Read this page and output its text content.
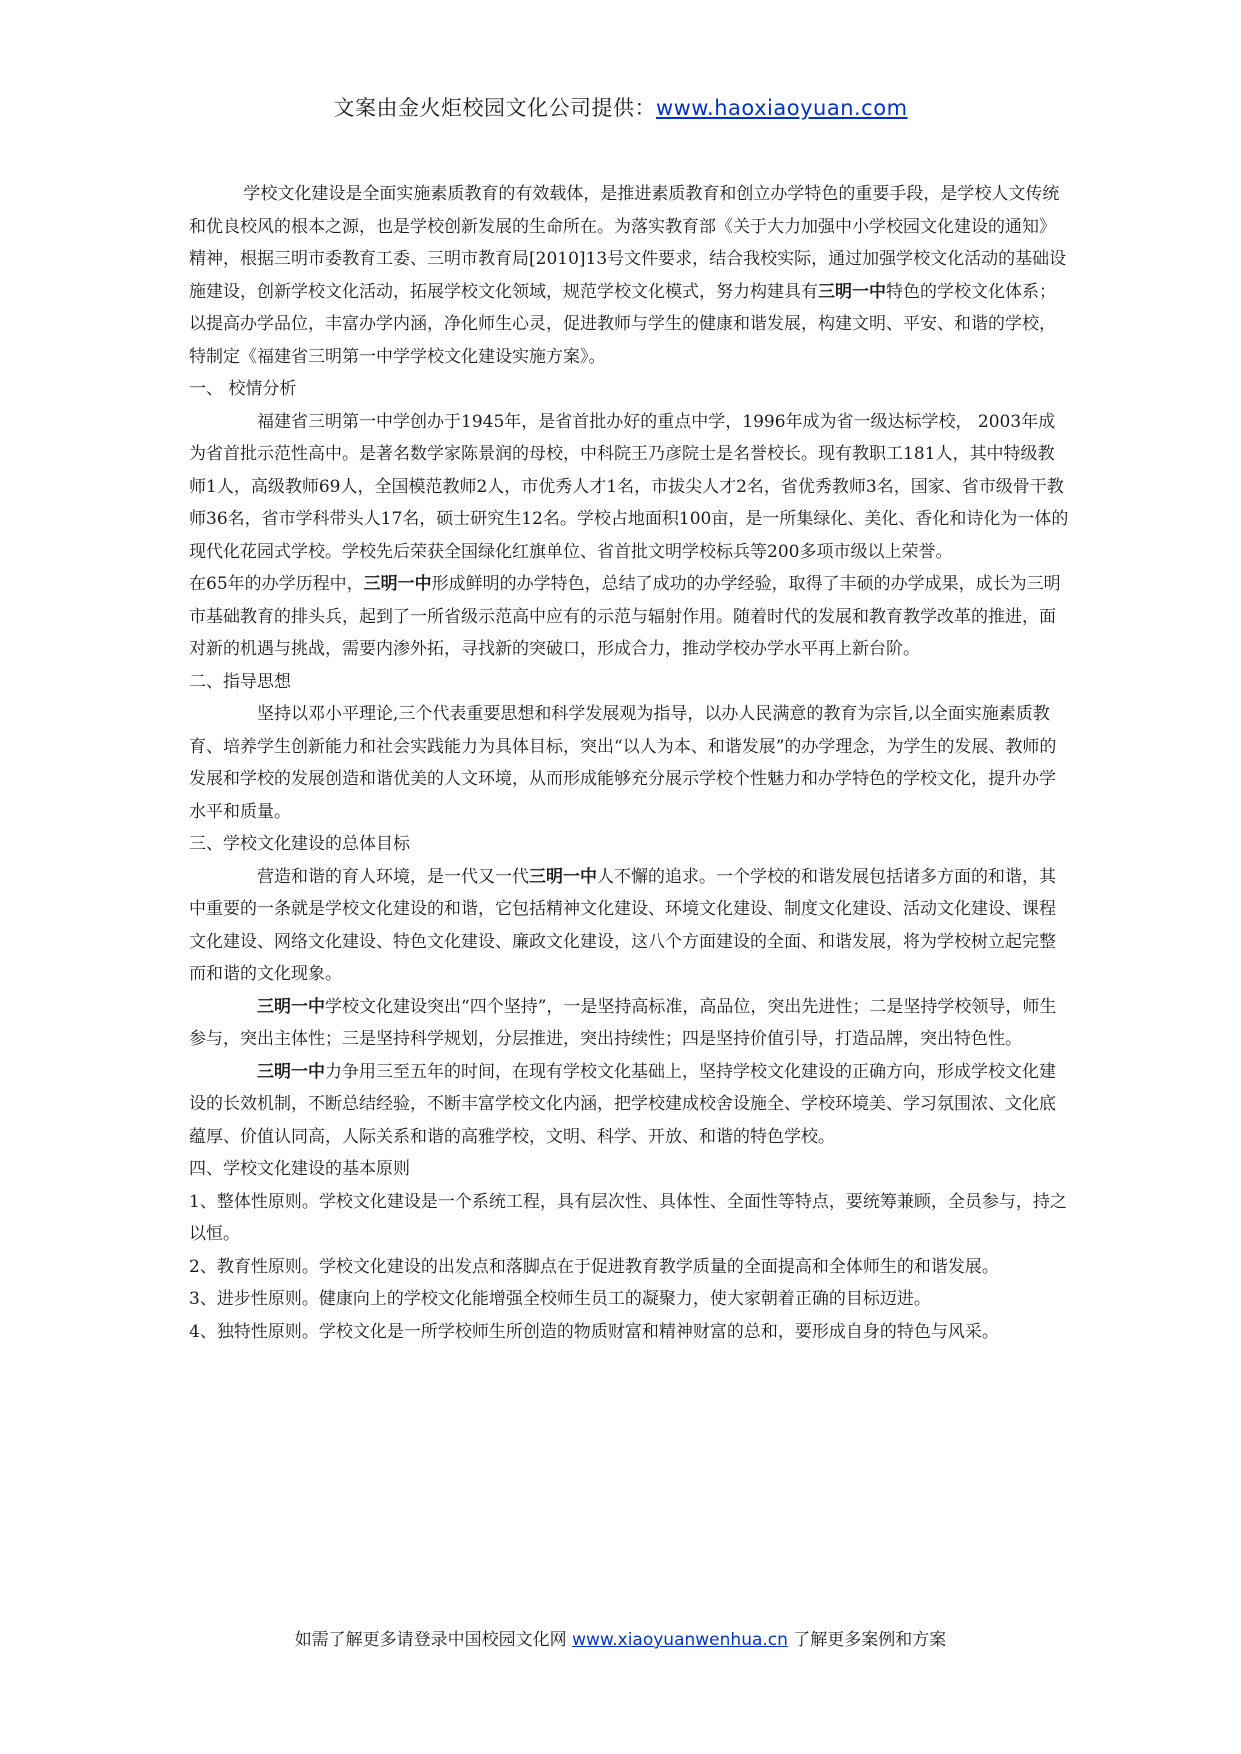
文案由金火炬校园文化公司提供：www.haoxiaoyuan.com

学校文化建设是全面实施素质教育的有效载体，是推进素质教育和创立办学特色的重要手段，是学校人文传统和优良校风的根本之源，也是学校创新发展的生命所在。为落实教育部《关于大力加强中小学校园文化建设的通知》精神，根据三明市委教育工委、三明市教育局[2010]13号文件要求，结合我校实际，通过加强学校文化活动的基础设施建设，创新学校文化活动，拓展学校文化领域，规范学校文化模式，努力构建具有三明一中特色的学校文化体系；以提高办学品位，丰富办学内涵，净化师生心灵，促进教师与学生的健康和谐发展，构建文明、平安、和谐的学校，特制定《福建省三明第一中学学校文化建设实施方案》。

一、 校情分析

福建省三明第一中学创办于1945年，是省首批办好的重点中学，1996年成为省一级达标学校， 2003年成为省首批示范性高中。是著名数学家陈景润的母校，中科院王乃彦院士是名誉校长。现有教职工181人，其中特级教师1人，高级教师69人，全国模范教师2人，市优秀人才1名，市拔尖人才2名，省优秀教师3名，国家、省市级骨干教师36名，省市学科带头人17名，硕士研究生12名。学校占地面积100亩，是一所集绿化、美化、香化和诗化为一体的现代化花园式学校。学校先后荣获全国绿化红旗单位、省首批文明学校标兵等200多项市级以上荣誉。

在65年的办学历程中，三明一中形成鲜明的办学特色，总结了成功的办学经验，取得了丰硕的办学成果，成长为三明市基础教育的排头兵，起到了一所省级示范高中应有的示范与辐射作用。随着时代的发展和教育教学改革的推进，面对新的机遇与挑战，需要内渗外拓，寻找新的突破口，形成合力，推动学校办学水平再上新台阶。

二、指导思想

坚持以邓小平理论,三个代表重要思想和科学发展观为指导，以办人民满意的教育为宗旨,以全面实施素质教育、培养学生创新能力和社会实践能力为具体目标，突出“以人为本、和谐发展”的办学理念，为学生的发展、教师的发展和学校的发展创造和谐优美的人文环境，从而形成能够充分展示学校个性魅力和办学特色的学校文化，提升办学水平和质量。

三、学校文化建设的总体目标

营造和谐的育人环境，是一代又一代三明一中人不懈的追求。一个学校的和谐发展包括诸多方面的和谐，其中重要的一条就是学校文化建设的和谐，它包括精神文化建设、环境文化建设、制度文化建设、活动文化建设、课程文化建设、网络文化建设、特色文化建设、廉政文化建设，这八个方面建设的全面、和谐发展，将为学校树立起完整而和谐的文化现象。

三明一中学校文化建设突出“四个坚持”，一是坚持高标准，高品位，突出先进性；二是坚持学校领导，师生参与，突出主体性；三是坚持科学规划，分层推进，突出持续性；四是坚持价值引导，打造品牌，突出特色性。

三明一中力争用三至五年的时间，在现有学校文化基础上，坚持学校文化建设的正确方向，形成学校文化建设的长效机制，不断总结经验，不断丰富学校文化内涵，把学校建成校舍设施全、学校环境美、学习氛围浓、文化底蕴厚、价值认同高，人际关系和谐的高雅学校，文明、科学、开放、和谐的特色学校。

四、学校文化建设的基本原则

1、整体性原则。学校文化建设是一个系统工程，具有层次性、具体性、全面性等特点，要统筹兼顾，全员参与，持之以恒。

2、教育性原则。学校文化建设的出发点和落脚点在于促进教育教学质量的全面提高和全体师生的和谐发展。

3、进步性原则。健康向上的学校文化能增强全校师生员工的凝聚力，使大家朝着正确的目标迈进。

4、独特性原则。学校文化是一所学校师生所创造的物质财富和精神财富的总和，要形成自身的特色与风采。

如需了解更多请登录中国校园文化网 www.xiaoyuanwenhua.cn 了解更多案例和方案
